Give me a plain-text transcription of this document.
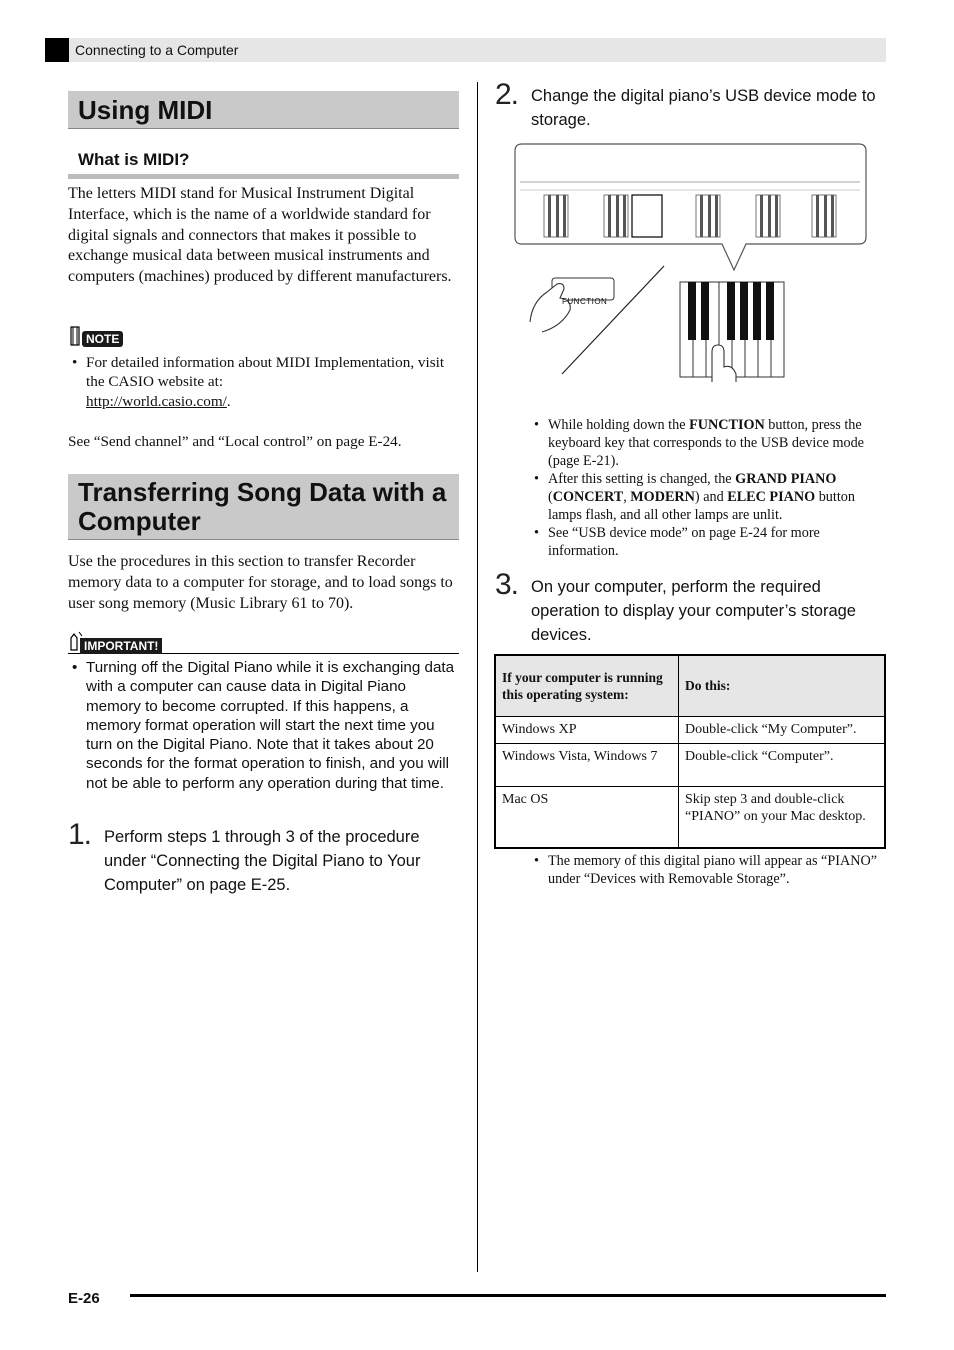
Connecting to a Computer
Using MIDI
What is MIDI?
The letters MIDI stand for Musical Instrument Digital Interface, which is the name of a worldwide standard for digital signals and connectors that makes it possible to exchange musical data between musical instruments and computers (machines) produced by different manufacturers.
NOTE
• For detailed information about MIDI Implementation, visit the CASIO website at:
http://world.casio.com/.
See “Send channel” and “Local control” on page E-24.
Transferring Song Data with a Computer
Use the procedures in this section to transfer Recorder memory data to a computer for storage, and to load songs to user song memory (Music Library 61 to 70).
IMPORTANT!
• Turning off the Digital Piano while it is exchanging data with a computer can cause data in Digital Piano memory to become corrupted. If this happens, a memory format operation will start the next time you turn on the Digital Piano. Note that it takes about 20 seconds for the format operation to finish, and you will not be able to perform any operation during that time.
1. Perform steps 1 through 3 of the procedure under “Connecting the Digital Piano to Your Computer” on page E-25.
2. Change the digital piano’s USB device mode to storage.
FUNCTION
• While holding down the FUNCTION button, press the keyboard key that corresponds to the USB device mode (page E-21).
• After this setting is changed, the GRAND PIANO (CONCERT, MODERN) and ELEC PIANO button lamps flash, and all other lamps are unlit.
• See “USB device mode” on page E-24 for more information.
3. On your computer, perform the required operation to display your computer’s storage devices.
If your computer is running this operating system:	Do this:
Windows XP	Double-click “My Computer”.
Windows Vista, Windows 7	Double-click “Computer”.
Mac OS	Skip step 3 and double-click “PIANO” on your Mac desktop.
• The memory of this digital piano will appear as “PIANO” under “Devices with Removable Storage”.
E-26
